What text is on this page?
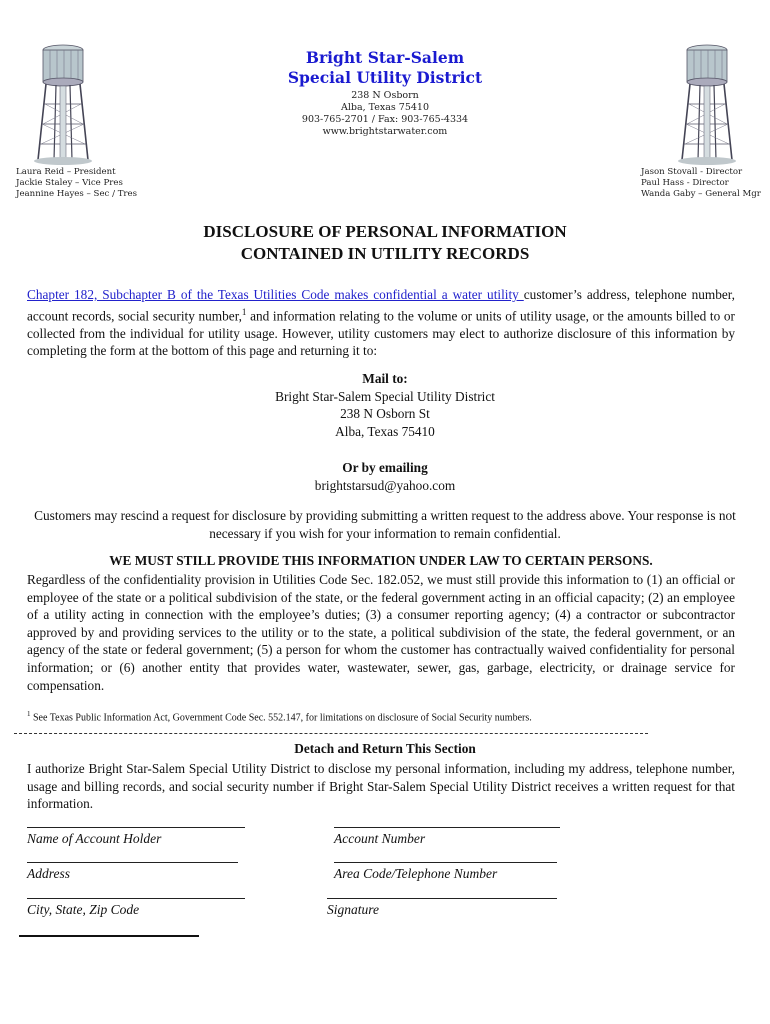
Bright Star-Salem
Special Utility District
238 N Osborn
Alba, Texas 75410
903-765-2701 / Fax: 903-765-4334
www.brightstarwater.com
Laura Reid – President
Jackie Staley – Vice Pres
Jeannine Hayes – Sec / Tres
Jason Stovall - Director
Paul Hass - Director
Wanda Gaby – General Mgr
DISCLOSURE OF PERSONAL INFORMATION
CONTAINED IN UTILITY RECORDS
Chapter 182, Subchapter B of the Texas Utilities Code makes confidential a water utility customer’s address, telephone number, account records, social security number,$^1$ and information relating to the volume or units of utility usage, or the amounts billed to or collected from the individual for utility usage. However, utility customers may elect to authorize disclosure of this information by completing the form at the bottom of this page and returning it to:
Mail to:
Bright Star-Salem Special Utility District
238 N Osborn St
Alba, Texas 75410
Or by emailing
brightstarsud@yahoo.com
Customers may rescind a request for disclosure by providing submitting a written request to the address above. Your response is not necessary if you wish for your information to remain confidential.
WE MUST STILL PROVIDE THIS INFORMATION UNDER LAW TO CERTAIN PERSONS.
Regardless of the confidentiality provision in Utilities Code Sec. 182.052, we must still provide this information to (1) an official or employee of the state or a political subdivision of the state, or the federal government acting in an official capacity; (2) an employee of a utility acting in connection with the employee’s duties; (3) a consumer reporting agency; (4) a contractor or subcontractor approved by and providing services to the utility or to the state, a political subdivision of the state, the federal government, or an agency of the state or federal government; (5) a person for whom the customer has contractually waived confidentiality for personal information; or (6) another entity that provides water, wastewater, sewer, gas, garbage, electricity, or drainage service for compensation.
$^1$ See Texas Public Information Act, Government Code Sec. 552.147, for limitations on disclosure of Social Security numbers.
Detach and Return This Section
I authorize Bright Star-Salem Special Utility District to disclose my personal information, including my address, telephone number, usage and billing records, and social security number if Bright Star-Salem Special Utility District receives a written request for that information.
Name of Account Holder	Account Number
Address	Area Code/Telephone Number
City, State, Zip Code	Signature
